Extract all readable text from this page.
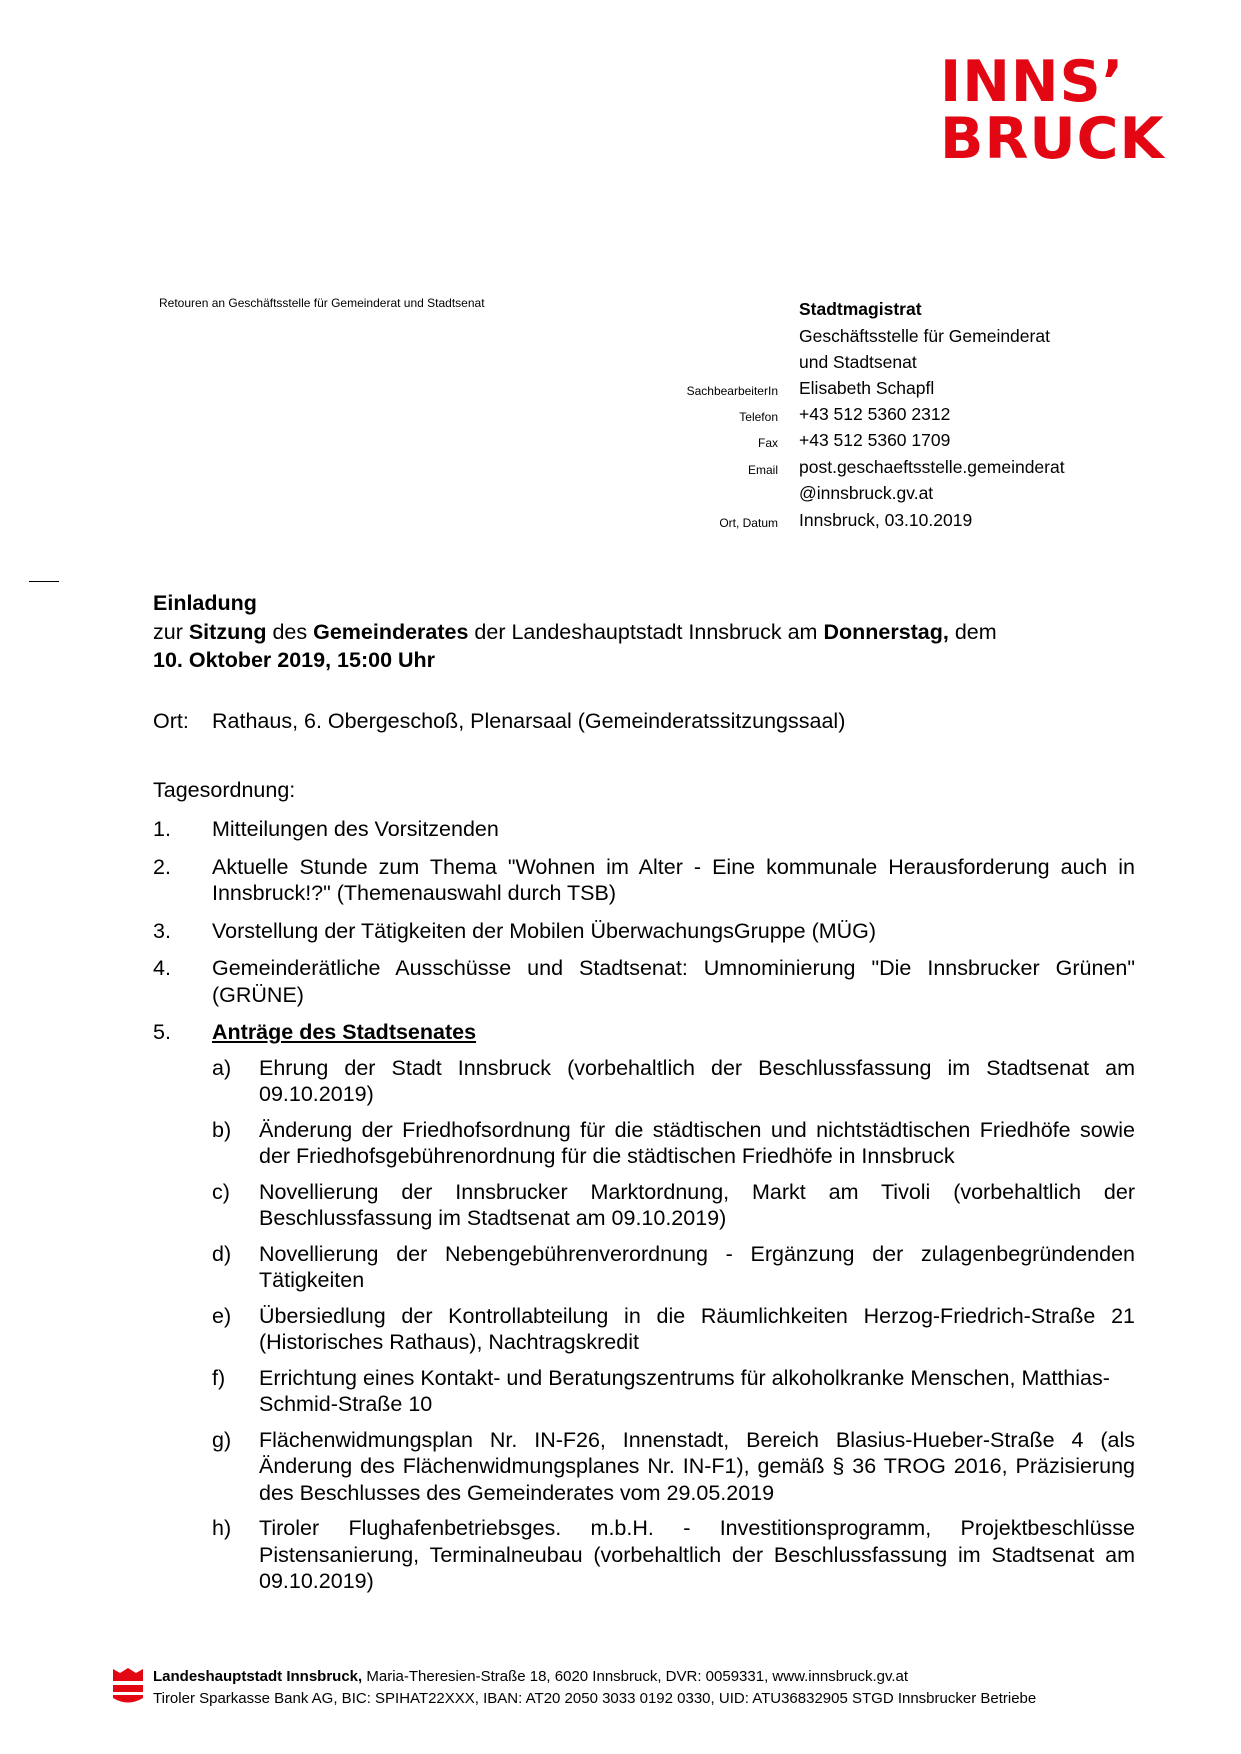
INNS’
BRUCK
Retouren an Geschäftsstelle für Gemeinderat und Stadtsenat	Stadtmagistrat
Geschäftsstelle für Gemeinderat
und Stadtsenat
SachbearbeiterIn Elisabeth Schapfl
Telefon +43 512 5360 2312
Fax +43 512 5360 1709
Email post.geschaeftsstelle.gemeinderat
@innsbruck.gv.at
Ort, Datum Innsbruck, 03.10.2019
Einladung
zur Sitzung des Gemeinderates der Landeshauptstadt Innsbruck am Donnerstag, dem
10. Oktober 2019, 15:00 Uhr
Ort: Rathaus, 6. Obergeschoß, Plenarsaal (Gemeinderatssitzungssaal)
Tagesordnung:
1. Mitteilungen des Vorsitzenden
2. Aktuelle Stunde zum Thema "Wohnen im Alter - Eine kommunale Herausforderung auch in Innsbruck!?" (Themenauswahl durch TSB)
3. Vorstellung der Tätigkeiten der Mobilen ÜberwachungsGruppe (MÜG)
4. Gemeinderätliche Ausschüsse und Stadtsenat: Umnominierung "Die Innsbrucker Grünen" (GRÜNE)
5. Anträge des Stadtsenates
a) Ehrung der Stadt Innsbruck (vorbehaltlich der Beschlussfassung im Stadtsenat am 09.10.2019)
b) Änderung der Friedhofsordnung für die städtischen und nichtstädtischen Friedhöfe sowie der Friedhofsgebührenordnung für die städtischen Friedhöfe in Innsbruck
c) Novellierung der Innsbrucker Marktordnung, Markt am Tivoli (vorbehaltlich der Beschlussfassung im Stadtsenat am 09.10.2019)
d) Novellierung der Nebengebührenverordnung - Ergänzung der zulagenbegründenden Tätigkeiten
e) Übersiedlung der Kontrollabteilung in die Räumlichkeiten Herzog-Friedrich-Straße 21 (Historisches Rathaus), Nachtragskredit
f) Errichtung eines Kontakt- und Beratungszentrums für alkoholkranke Menschen, Matthias-Schmid-Straße 10
g) Flächenwidmungsplan Nr. IN-F26, Innenstadt, Bereich Blasius-Hueber-Straße 4 (als Änderung des Flächenwidmungsplanes Nr. IN-F1), gemäß § 36 TROG 2016, Präzisierung des Beschlusses des Gemeinderates vom 29.05.2019
h) Tiroler Flughafenbetriebsges. m.b.H. - Investitionsprogramm, Projektbeschlüsse Pistensanierung, Terminalneubau (vorbehaltlich der Beschlussfassung im Stadtsenat am 09.10.2019)
Landeshauptstadt Innsbruck, Maria-Theresien-Straße 18, 6020 Innsbruck, DVR: 0059331, www.innsbruck.gv.at
Tiroler Sparkasse Bank AG, BIC: SPIHAT22XXX, IBAN: AT20 2050 3033 0192 0330, UID: ATU36832905 STGD Innsbrucker Betriebe
